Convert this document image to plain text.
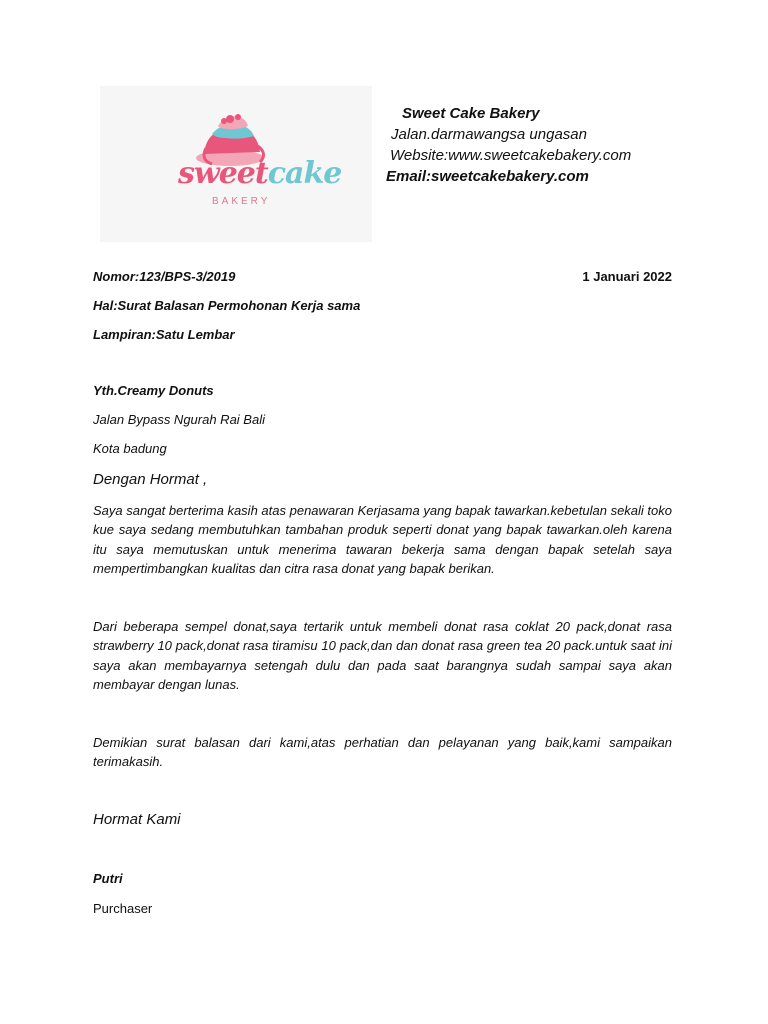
sweetcake
BAKERY
Sweet Cake Bakery
Jalan.darmawangsa ungasan
Website:www.sweetcakebakery.com
Email:sweetcakebakery.com
Nomor:123/BPS-3/2019	1 Januari 2022
Hal:Surat Balasan Permohonan Kerja sama
Lampiran:Satu Lembar
Yth.Creamy Donuts
Jalan Bypass Ngurah Rai Bali
Kota badung
Dengan Hormat ,

Saya sangat berterima kasih atas penawaran Kerjasama yang bapak tawarkan.kebetulan sekali toko kue saya sedang membutuhkan tambahan produk seperti donat yang bapak tawarkan.oleh karena itu saya memutuskan untuk menerima tawaran bekerja sama dengan bapak setelah saya mempertimbangkan kualitas dan citra rasa donat yang bapak berikan.

Dari beberapa sempel donat,saya tertarik untuk membeli donat rasa coklat 20 pack,donat rasa strawberry 10 pack,donat rasa tiramisu 10 pack,dan dan donat rasa green tea 20 pack.untuk saat ini saya akan membayarnya setengah dulu dan pada saat barangnya sudah sampai saya akan membayar dengan lunas.

Demikian surat balasan dari kami,atas perhatian dan pelayanan yang baik,kami sampaikan terimakasih.

Hormat Kami
Putri
Purchaser
